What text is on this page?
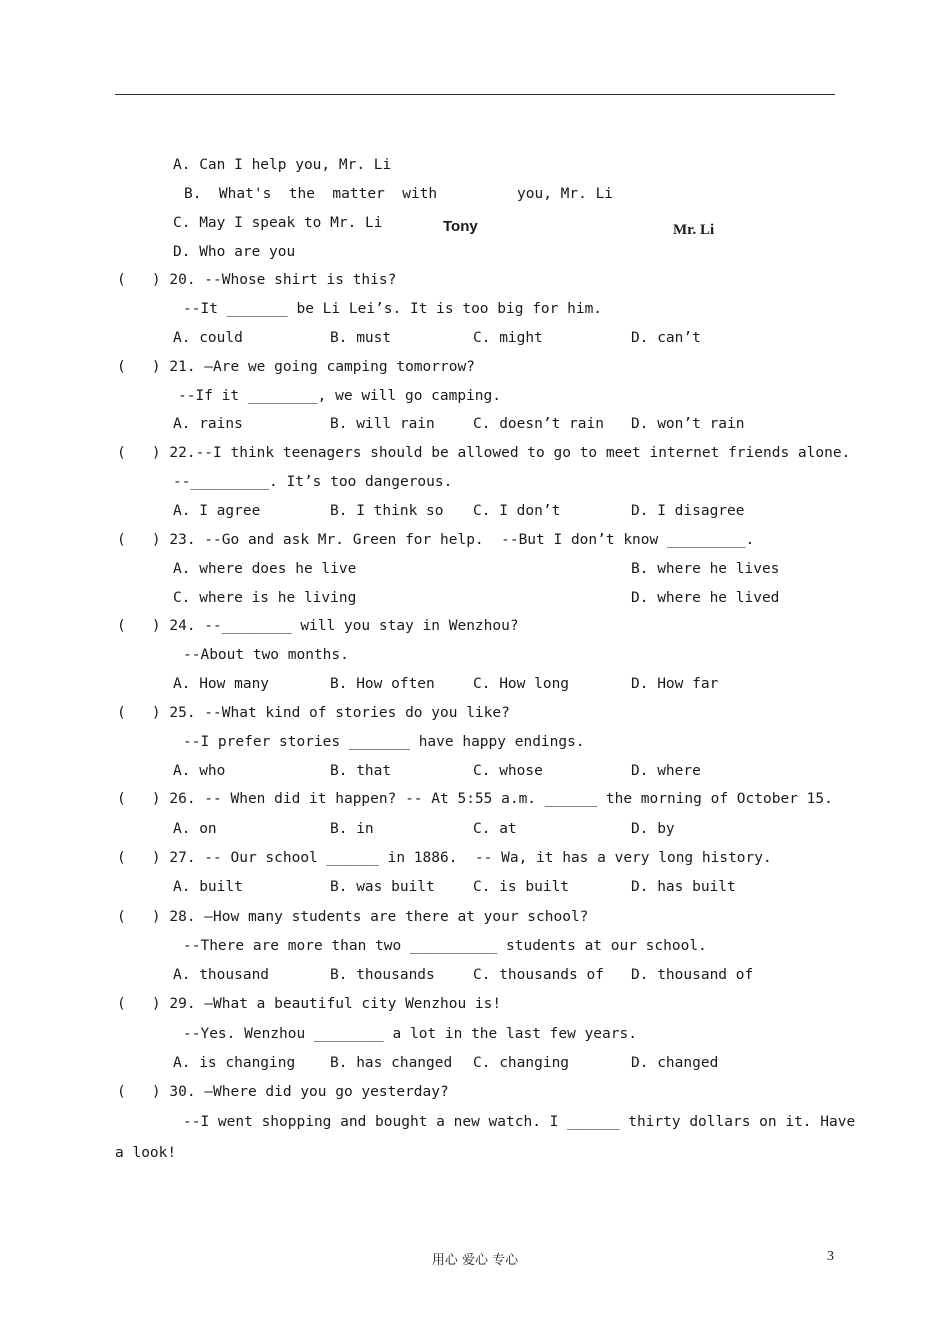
A. Can I help you, Mr. Li
B.  What's  the  matter  with	you, Mr. Li
C. May I speak to Mr. Li
D. Who are you
Tony	Mr. Li
(   ) 20. --Whose shirt is this?
--It _______ be Li Lei’s. It is too big for him.
A. could	B. must	C. might	D. can’t
(   ) 21. –Are we going camping tomorrow?
--If it ________, we will go camping.
A. rains	B. will rain	C. doesn’t rain D. won’t rain
(   ) 22.--I think teenagers should be allowed to go to meet internet friends alone.
--_________. It’s too dangerous.
A. I agree	B. I think so C. I don’t	D. I disagree
(   ) 23. --Go and ask Mr. Green for help.  --But I don’t know _________.
A. where does he live	B. where he lives
C. where is he living	D. where he lived
(   ) 24. --________ will you stay in Wenzhou?
--About two months.
A. How many	B. How often	C. How long	D. How far
(   ) 25. --What kind of stories do you like?
--I prefer stories _______ have happy endings.
A. who	B. that	C. whose	D. where
(   ) 26. -- When did it happen? -- At 5:55 a.m. ______ the morning of October 15.
A. on	B. in	C. at	D. by
(   ) 27. -- Our school ______ in 1886.  -- Wa, it has a very long history.
A. built	B. was built	C. is built	D. has built
(   ) 28. –How many students are there at your school?
--There are more than two __________ students at our school.
A. thousand	B. thousands	C. thousands of D. thousand of
(   ) 29. –What a beautiful city Wenzhou is!
--Yes. Wenzhou ________ a lot in the last few years.
A. is changing B. has changed C. changing	D. changed
(   ) 30. –Where did you go yesterday?
--I went shopping and bought a new watch. I ______ thirty dollars on it. Have
a look!
用心 爱心 专心	3
